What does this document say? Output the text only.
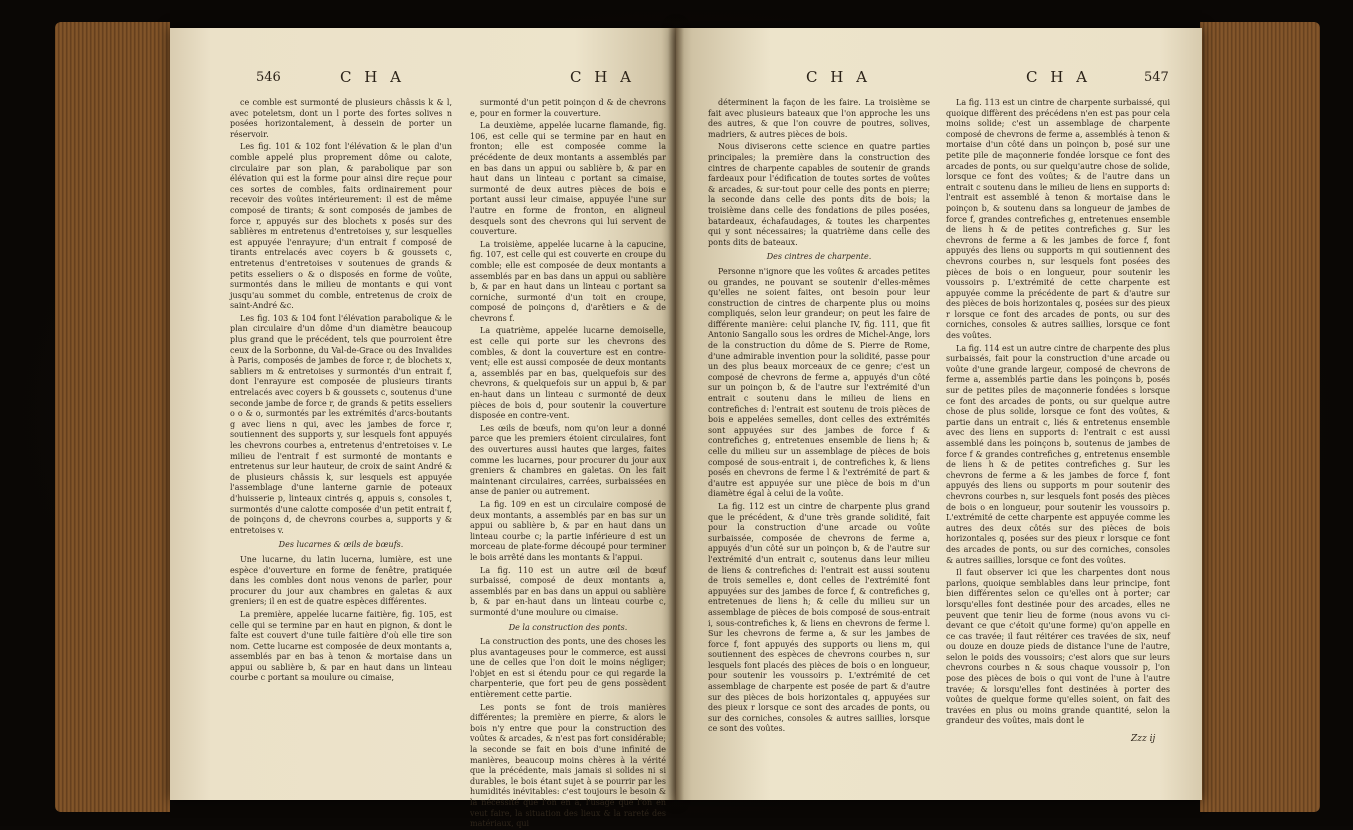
546	C H A	C H A

ce comble est surmonté de plusieurs châssis k & l, avec poteletsm, dont un l porte des fortes solives n posées horizontalement, à dessein de porter un réservoir.

Les fig. 101 & 102 font l'élévation & le plan d'un comble appelé plus proprement dôme ou calote, circulaire par son plan, & parabolique par son élévation qui est la forme pour ainsi dire reçue pour ces sortes de combles, faits ordinairement pour recevoir des voûtes intérieurement: il est de même composé de tirants; & sont composés de jambes de force r, appuyés sur des blochets x posés sur des sablières m entretenus d'entretoises y, sur lesquelles est appuyée l'enrayure; d'un entrait f composé de tirants entrelacés avec coyers b & goussets c, entretenus d'entretoises v soutenues de grands & petits esseliers o & o disposés en forme de voûte, surmontés dans le milieu de montants e qui vont jusqu'au sommet du comble, entretenus de croix de saint-André &c.

Les fig. 103 & 104 font l'élévation parabolique & le plan circulaire d'un dôme d'un diamètre beaucoup plus grand que le précédent, tels que pourroient être ceux de la Sorbonne, du Val-de-Grace ou des Invalides à Paris, composés de jambes de force r, de blochets x, sabliers m & entretoises y surmontés d'un entrait f, dont l'enrayure est composée de plusieurs tirants entrelacés avec coyers b & goussets c, soutenus d'une seconde jambe de force r, de grands & petits esseliers o o & o, surmontés par les extrémités d'arcs-boutants g avec liens n qui, avec les jambes de force r, soutiennent des supports y, sur lesquels font appuyés les chevrons courbes a, entretenus d'entretoises v. Le milieu de l'entrait f est surmonté de montants e entretenus sur leur hauteur, de croix de saint André & de plusieurs châssis k, sur lesquels est appuyée l'assemblage d'une lanterne garnie de poteaux d'huisserie p, linteaux cintrés q, appuis s, consoles t, surmontés d'une calotte composée d'un petit entrait f, de poinçons d, de chevrons courbes a, supports y & entretoises v.

Des lucarnes & œils de bœufs.

Une lucarne, du latin lucerna, lumière, est une espèce d'ouverture en forme de fenêtre, pratiquée dans les combles dont nous venons de parler, pour procurer du jour aux chambres en galetas & aux greniers; il en est de quatre espèces différentes.

La première, appelée lucarne faitière, fig. 105, est celle qui se termine par en haut en pignon, & dont le faîte est couvert d'une tuile faitière d'où elle tire son nom. Cette lucarne est composée de deux montants a, assemblés par en bas à tenon & mortaise dans un appui ou sablière b, & par en haut dans un linteau courbe c portant sa moulure ou cimaise,

surmonté d'un petit poinçon d & de chevrons e, pour en former la couverture.

La deuxième, appelée lucarne flamande, fig. 106, est celle qui se termine par en haut en fronton; elle est composée comme la précédente de deux montants a assemblés par en bas dans un appui ou sablière b, & par en haut dans un linteau c portant sa cimaise, surmonté de deux autres pièces de bois e portant aussi leur cimaise, appuyée l'une sur l'autre en forme de fronton, en aligneul desquels sont des chevrons qui lui servent de couverture.

La troisième, appelée lucarne à la capucine, fig. 107, est celle qui est couverte en croupe du comble; elle est composée de deux montants a assemblés par en bas dans un appui ou sablière b, & par en haut dans un linteau c portant sa corniche, surmonté d'un toit en croupe, composé de poinçons d, d'arêtiers e & de chevrons f.

La quatrième, appelée lucarne demoiselle, est celle qui porte sur les chevrons des combles, & dont la couverture est en contre-vent; elle est aussi composée de deux montants a, assemblés par en bas, quelquefois sur des chevrons, & quelquefois sur un appui b, & par en-haut dans un linteau c surmonté de deux pièces de bois d, pour soutenir la couverture disposée en contre-vent.

Les œils de bœufs, nom qu'on leur a donné parce que les premiers étoient circulaires, font des ouvertures aussi hautes que larges, faites comme les lucarnes, pour procurer du jour aux greniers & chambres en galetas. On les fait maintenant circulaires, carrées, surbaissées en anse de panier ou autrement.

La fig. 109 en est un circulaire composé de deux montants, a assemblés par en bas sur un appui ou sablière b, & par en haut dans un linteau courbe c; la partie inférieure d est un morceau de plate-forme découpé pour terminer le bois arrêté dans les montants & l'appui.

La fig. 110 est un autre œil de bœuf surbaissé, composé de deux montants a, assemblés par en bas dans un appui ou sablière b, & par en-haut dans un linteau courbe c, surmonté d'une moulure ou cimaise.

De la construction des ponts.

La construction des ponts, une des choses les plus avantageuses pour le commerce, est aussi une de celles que l'on doit le moins négliger; l'objet en est si étendu pour ce qui regarde la charpenterie, que fort peu de gens possèdent entièrement cette partie.

Les ponts se font de trois manières différentes; la première en pierre, & alors le bois n'y entre que pour la construction des voûtes & arcades, & n'est pas fort considérable; la seconde se fait en bois d'une infinité de manières, beaucoup moins chères à la vérité que la précédente, mais jamais si solides ni si durables, le bois étant sujet à se pourrir par les humidités inévitables: c'est toujours le besoin & la nécessité que l'on en a, l'usage que l'on en veut faire, la situation des lieux & la rareté des matériaux, qui

C H A	C H A	547

déterminent la façon de les faire. La troisième se fait avec plusieurs bateaux que l'on approche les uns des autres, & que l'on couvre de poutres, solives, madriers, & autres pièces de bois.

Nous diviserons cette science en quatre parties principales; la première dans la construction des cintres de charpente capables de soutenir de grands fardeaux pour l'édification de toutes sortes de voûtes & arcades, & sur-tout pour celle des ponts en pierre; la seconde dans celle des ponts dits de bois; la troisième dans celle des fondations de piles posées, batardeaux, échafaudages, & toutes les charpentes qui y sont nécessaires; la quatrième dans celle des ponts dits de bateaux.

Des cintres de charpente.

Personne n'ignore que les voûtes & arcades petites ou grandes, ne pouvant se soutenir d'elles-mêmes qu'elles ne soient faites, ont besoin pour leur construction de cintres de charpente plus ou moins compliqués, selon leur grandeur; on peut les faire de différente manière: celui planche IV, fig. 111, que fit Antonio Sangallo sous les ordres de Michel-Ange, lors de la construction du dôme de S. Pierre de Rome, d'une admirable invention pour la solidité, passe pour un des plus beaux morceaux de ce genre; c'est un composé de chevrons de ferme a, appuyés d'un côté sur un poinçon b, & de l'autre sur l'extrémité d'un entrait c soutenu dans le milieu de liens en contrefiches d: l'entrait est soutenu de trois pièces de bois e appelées semelles, dont celles des extrémités sont appuyées sur des jambes de force f & contrefiches g, entretenues ensemble de liens h; & celle du milieu sur un assemblage de pièces de bois composé de sous-entrait i, de contrefiches k, & liens posés en chevrons de ferme l & l'extrémité de part & d'autre est appuyée sur une pièce de bois m d'un diamètre égal à celui de la voûte.

La fig. 112 est un cintre de charpente plus grand que le précédent, & d'une très grande solidité, fait pour la construction d'une arcade ou voûte surbaissée, composée de chevrons de ferme a, appuyés d'un côté sur un poinçon b, & de l'autre sur l'extrémité d'un entrait c, soutenus dans leur milieu de liens & contrefiches d: l'entrait est aussi soutenu de trois semelles e, dont celles de l'extrémité font appuyées sur des jambes de force f, & contrefiches g, entretenues de liens h; & celle du milieu sur un assemblage de pièces de bois composé de sous-entrait i, sous-contrefiches k, & liens en chevrons de ferme l. Sur les chevrons de ferme a, & sur les jambes de force f, font appuyés des supports ou liens m, qui soutiennent des espèces de chevrons courbes n, sur lesquels font placés des pièces de bois o en longueur, pour soutenir les voussoirs p. L'extrémité de cet assemblage de charpente est posée de part & d'autre sur des pièces de bois horizontales q, appuyées sur des pieux r lorsque ce sont des arcades de ponts, ou sur des corniches, consoles & autres saillies, lorsque ce sont des voûtes.

La fig. 113 est un cintre de charpente surbaissé, qui quoique diffèrent des précédens n'en est pas pour cela moins solide; c'est un assemblage de charpente composé de chevrons de ferme a, assemblés à tenon & mortaise d'un côté dans un poinçon b, posé sur une petite pile de maçonnerie fondée lorsque ce font des arcades de ponts, ou sur quelqu'autre chose de solide, lorsque ce font des voûtes; & de l'autre dans un entrait c soutenu dans le milieu de liens en supports d: l'entrait est assemblé à tenon & mortaise dans le poinçon b, & soutenu dans sa longueur de jambes de force f, grandes contrefiches g, entretenues ensemble de liens h & de petites contrefiches g. Sur les chevrons de ferme a & les jambes de force f, font appuyés des liens ou supports m qui soutiennent des chevrons courbes n, sur lesquels font posées des pièces de bois o en longueur, pour soutenir les voussoirs p. L'extrémité de cette charpente est appuyée comme la précédente de part & d'autre sur des pièces de bois horizontales q, posées sur des pieux r lorsque ce font des arcades de ponts, ou sur des corniches, consoles & autres saillies, lorsque ce font des voûtes.

La fig. 114 est un autre cintre de charpente des plus surbaissés, fait pour la construction d'une arcade ou voûte d'une grande largeur, composé de chevrons de ferme a, assemblés partie dans les poinçons b, posés sur de petites piles de maçonnerie fondées s lorsque ce font des arcades de ponts, ou sur quelque autre chose de plus solide, lorsque ce font des voûtes, & partie dans un entrait c, liés & entretenus ensemble avec des liens en supports d: l'entrait c est aussi assemblé dans les poinçons b, soutenus de jambes de force f & grandes contrefiches g, entretenus ensemble de liens h & de petites contrefiches g. Sur les chevrons de ferme a & les jambes de force f, font appuyés des liens ou supports m pour soutenir des chevrons courbes n, sur lesquels font posés des pièces de bois o en longueur, pour soutenir les voussoirs p. L'extrémité de cette charpente est appuyée comme les autres des deux côtés sur des pièces de bois horizontales q, posées sur des pieux r lorsque ce font des arcades de ponts, ou sur des corniches, consoles & autres saillies, lorsque ce font des voûtes.

Il faut observer ici que les charpentes dont nous parlons, quoique semblables dans leur principe, font bien différentes selon ce qu'elles ont à porter; car lorsqu'elles font destinée pour des arcades, elles ne peuvent que tenir lieu de forme (nous avons vu ci-devant ce que c'étoit qu'une forme) qu'on appelle en ce cas travée; il faut réitérer ces travées de six, neuf ou douze en douze pieds de distance l'une de l'autre, selon le poids des voussoirs; c'est alors que sur leurs chevrons courbes n & sous chaque voussoir p, l'on pose des pièces de bois o qui vont de l'une à l'autre travée; & lorsqu'elles font destinées à porter des voûtes de quelque forme qu'elles soient, on fait des travées en plus ou moins grande quantité, selon la grandeur des voûtes, mais dont le

Zzz ij
